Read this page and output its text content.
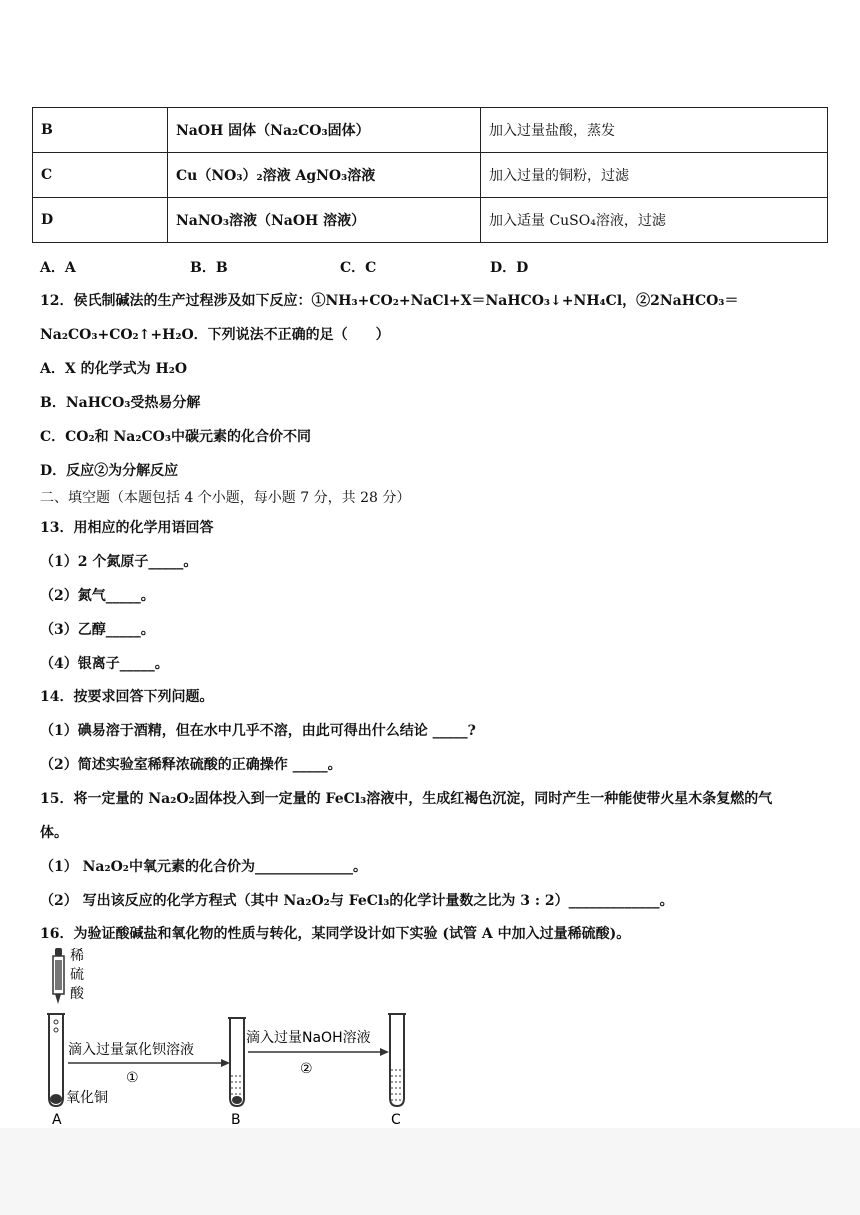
B	NaOH 固体（Na₂CO₃固体）	加入过量盐酸，蒸发
C	Cu（NO₃）₂溶液 AgNO₃溶液	加入过量的铜粉，过滤
D	NaNO₃溶液（NaOH 溶液）	加入适量 CuSO₄溶液，过滤
A．A	B．B	C．C	D．D
12．侯氏制碱法的生产过程涉及如下反应：①NH₃+CO₂+NaCl+X＝NaHCO₃↓+NH₄Cl，②2NaHCO₃＝
Na₂CO₃+CO₂↑+H₂O．下列说法不正确的足（　　）
A．X 的化学式为 H₂O
B．NaHCO₃受热易分解
C．CO₂和 Na₂CO₃中碳元素的化合价不同
D．反应②为分解反应
二、填空题（本题包括 4 个小题，每小题 7 分，共 28 分）
13．用相应的化学用语回答
（1）2 个氮原子_____。
（2）氮气_____。
（3）乙醇_____。
（4）银离子_____。
14．按要求回答下列问题。
（1）碘易溶于酒精，但在水中几乎不溶，由此可得出什么结论 _____?
（2）简述实验室稀释浓硫酸的正确操作 _____。
15．将一定量的 Na₂O₂固体投入到一定量的 FeCl₃溶液中，生成红褐色沉淀，同时产生一种能使带火星木条复燃的气
体。
（1） Na₂O₂中氧元素的化合价为______________。
（2） 写出该反应的化学方程式（其中 Na₂O₂与 FeCl₃的化学计量数之比为 3 : 2）_____________。
16．为验证酸碱盐和氧化物的性质与转化，某同学设计如下实验 (试管 A 中加入过量稀硫酸)。
稀
硫
酸
氧化铜
A
滴入过量氯化钡溶液
①
B
滴入过量NaOH溶液
②
C
